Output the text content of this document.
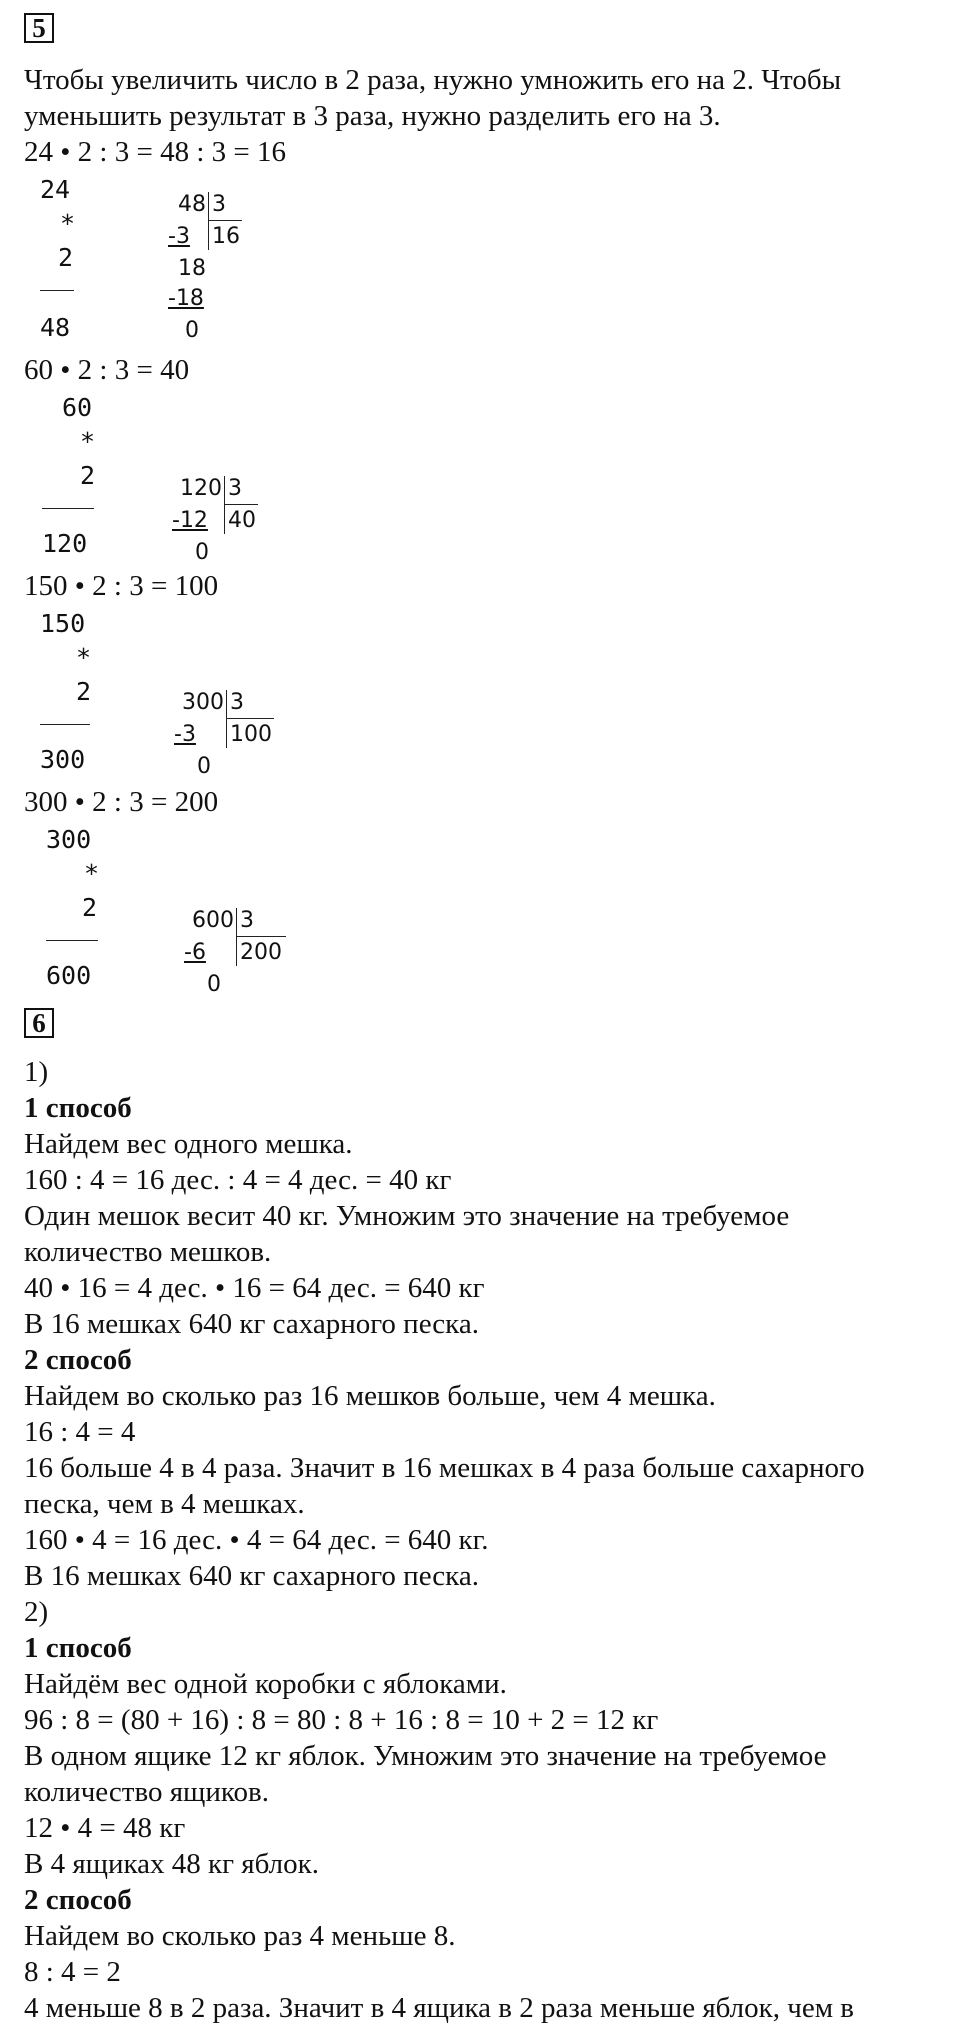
5
Чтобы увеличить число в 2 раза, нужно умножить его на 2. Чтобы
уменьшить результат в 3 раза, нужно разделить его на 3.
24 • 2 : 3 = 48 : 3 = 16
24
*
2
48
48 3
16
-3
18
-18
0
60 • 2 : 3 = 40
60
*
2
120
120 3
40
-12
0
150 • 2 : 3 = 100
150
*
2
300
300 3
100
-3
0
300 • 2 : 3 = 200
300
*
2
600
600 3
200
-6
0
6
1)
1 способ
Найдем вес одного мешка.
160 : 4 = 16 дес. : 4 = 4 дес. = 40 кг
Один мешок весит 40 кг. Умножим это значение на требуемое
количество мешков.
40 • 16 = 4 дес. • 16 = 64 дес. = 640 кг
В 16 мешках 640 кг сахарного песка.
2 способ
Найдем во сколько раз 16 мешков больше, чем 4 мешка.
16 : 4 = 4
16 больше 4 в 4 раза. Значит в 16 мешках в 4 раза больше сахарного
песка, чем в 4 мешках.
160 • 4 = 16 дес. • 4 = 64 дес. = 640 кг.
В 16 мешках 640 кг сахарного песка.
2)
1 способ
Найдём вес одной коробки с яблоками.
96 : 8 = (80 + 16) : 8 = 80 : 8 + 16 : 8 = 10 + 2 = 12 кг
В одном ящике 12 кг яблок. Умножим это значение на требуемое
количество ящиков.
12 • 4 = 48 кг
В 4 ящиках 48 кг яблок.
2 способ
Найдем во сколько раз 4 меньше 8.
8 : 4 = 2
4 меньше 8 в 2 раза. Значит в 4 ящика в 2 раза меньше яблок, чем в
